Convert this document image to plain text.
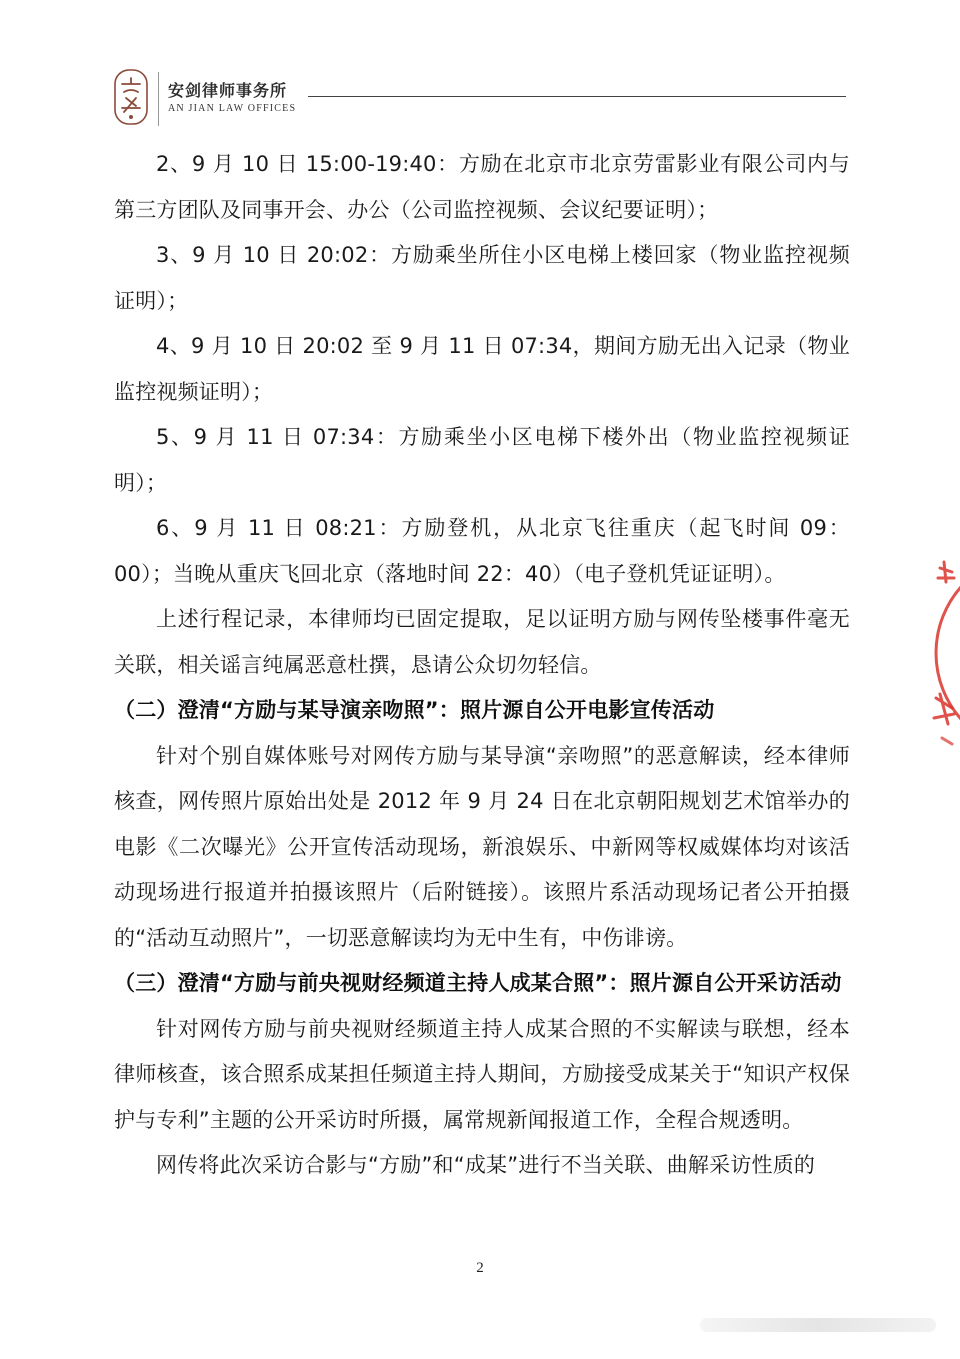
安剑律师事务所
AN JIAN LAW OFFICES

2、9 月 10 日 15:00-19:40：方励在北京市北京劳雷影业有限公司内与第三方团队及同事开会、办公（公司监控视频、会议纪要证明）；

3、9 月 10 日 20:02：方励乘坐所住小区电梯上楼回家（物业监控视频证明）；

4、9 月 10 日 20:02 至 9 月 11 日 07:34，期间方励无出入记录（物业监控视频证明）；

5、9 月 11 日 07:34：方励乘坐小区电梯下楼外出（物业监控视频证明）；

6、9 月 11 日 08:21：方励登机，从北京飞往重庆（起飞时间 09：00）；当晚从重庆飞回北京（落地时间 22：40）（电子登机凭证证明）。

上述行程记录，本律师均已固定提取，足以证明方励与网传坠楼事件毫无关联，相关谣言纯属恶意杜撰，恳请公众切勿轻信。

（二）澄清“方励与某导演亲吻照”：照片源自公开电影宣传活动

针对个别自媒体账号对网传方励与某导演“亲吻照”的恶意解读，经本律师核查，网传照片原始出处是 2012 年 9 月 24 日在北京朝阳规划艺术馆举办的电影《二次曝光》公开宣传活动现场，新浪娱乐、中新网等权威媒体均对该活动现场进行报道并拍摄该照片（后附链接）。该照片系活动现场记者公开拍摄的“活动互动照片”，一切恶意解读均为无中生有，中伤诽谤。

（三）澄清“方励与前央视财经频道主持人成某合照”：照片源自公开采访活动

针对网传方励与前央视财经频道主持人成某合照的不实解读与联想，经本律师核查，该合照系成某担任频道主持人期间，方励接受成某关于“知识产权保护与专利”主题的公开采访时所摄，属常规新闻报道工作，全程合规透明。

网传将此次采访合影与“方励”和“成某”进行不当关联、曲解采访性质的

2
